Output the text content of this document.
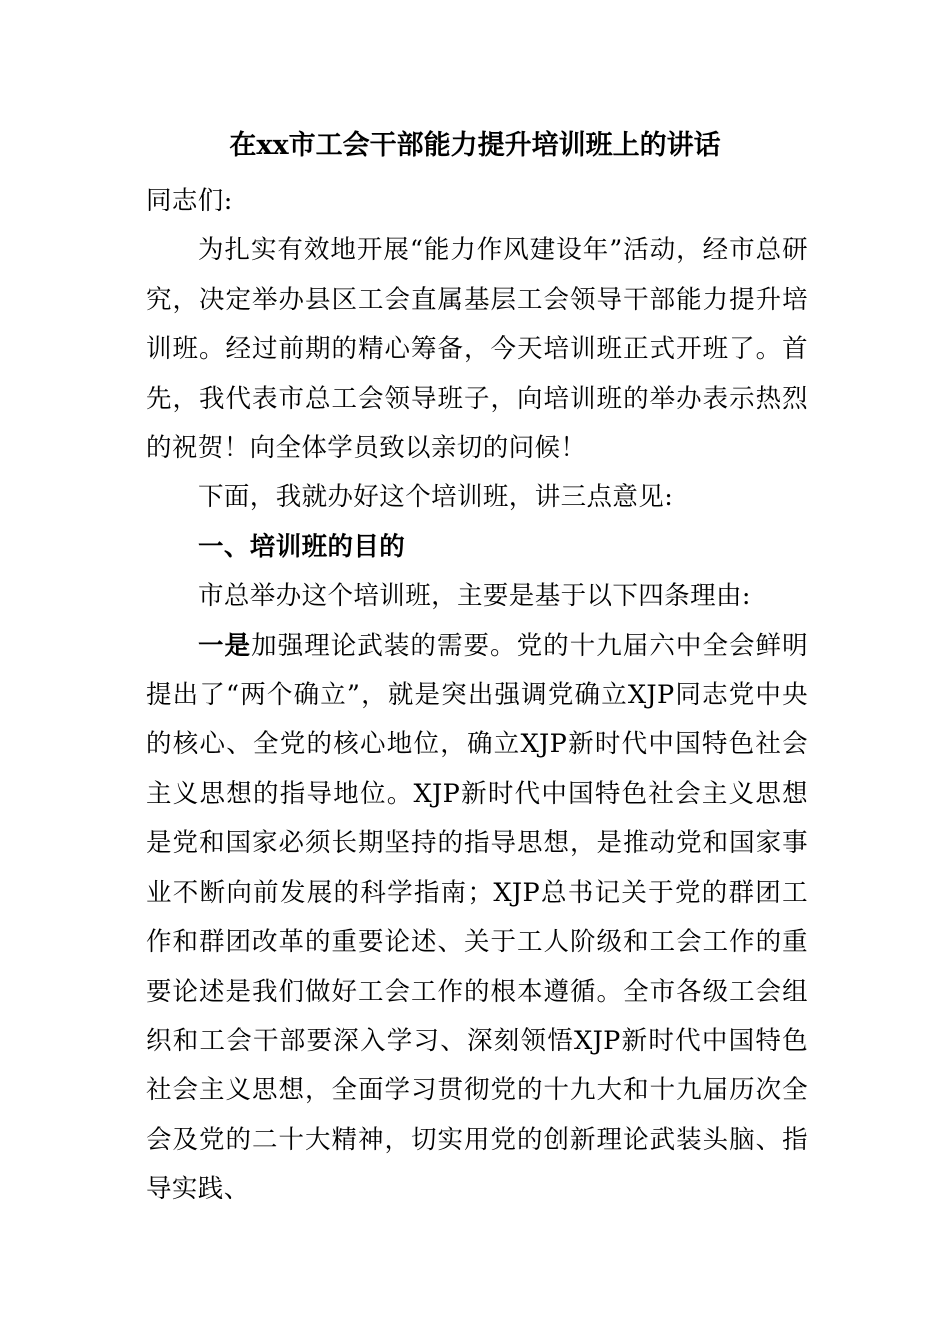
在xx市工会干部能力提升培训班上的讲话

同志们:

为扎实有效地开展“能力作风建设年”活动，经市总研究，决定举办县区工会直属基层工会领导干部能力提升培训班。经过前期的精心筹备，今天培训班正式开班了。首先，我代表市总工会领导班子，向培训班的举办表示热烈的祝贺！向全体学员致以亲切的问候！

下面，我就办好这个培训班，讲三点意见:

一、培训班的目的

市总举办这个培训班，主要是基于以下四条理由:

一是加强理论武装的需要。党的十九届六中全会鲜明提出了“两个确立”，就是突出强调党确立XJP同志党中央的核心、全党的核心地位，确立XJP新时代中国特色社会主义思想的指导地位。XJP新时代中国特色社会主义思想是党和国家必须长期坚持的指导思想，是推动党和国家事业不断向前发展的科学指南；XJP总书记关于党的群团工作和群团改革的重要论述、关于工人阶级和工会工作的重要论述是我们做好工会工作的根本遵循。全市各级工会组织和工会干部要深入学习、深刻领悟XJP新时代中国特色社会主义思想，全面学习贯彻党的十九大和十九届历次全会及党的二十大精神，切实用党的创新理论武装头脑、指导实践、
